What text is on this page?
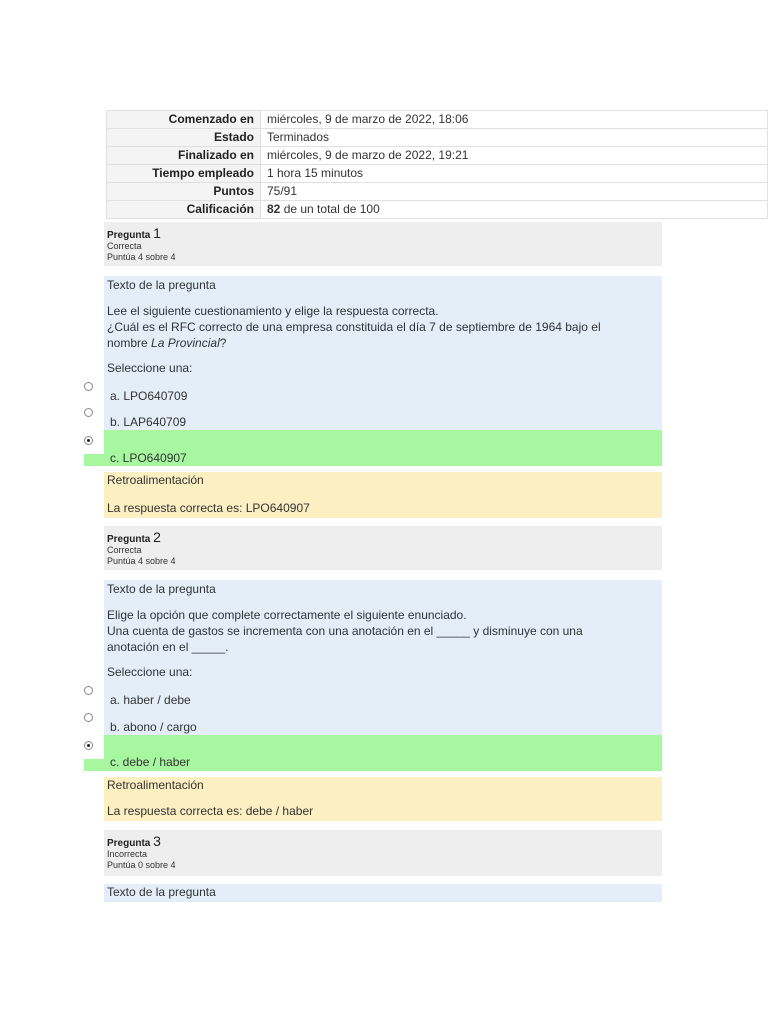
Comenzado en	miércoles, 9 de marzo de 2022, 18:06
Estado	Terminados
Finalizado en	miércoles, 9 de marzo de 2022, 19:21
Tiempo empleado	1 hora 15 minutos
Puntos	75/91
Calificación	82 de un total de 100
Pregunta 1
Correcta
Puntúa 4 sobre 4
Texto de la pregunta

Lee el siguiente cuestionamiento y elige la respuesta correcta.

¿Cuál es el RFC correcto de una empresa constituida el día 7 de septiembre de 1964 bajo el

nombre La Provincial?

Seleccione una:

a. LPO640709
b. LAP640709
c. LPO640907
Retroalimentación
La respuesta correcta es: LPO640907
Pregunta 2
Correcta
Puntúa 4 sobre 4
Texto de la pregunta

Elige la opción que complete correctamente el siguiente enunciado.

Una cuenta de gastos se incrementa con una anotación en el _____ y disminuye con una

anotación en el _____.

Seleccione una:

a. haber / debe
b. abono / cargo
c. debe / haber
Retroalimentación
La respuesta correcta es: debe / haber
Pregunta 3
Incorrecta
Puntúa 0 sobre 4
Texto de la pregunta
